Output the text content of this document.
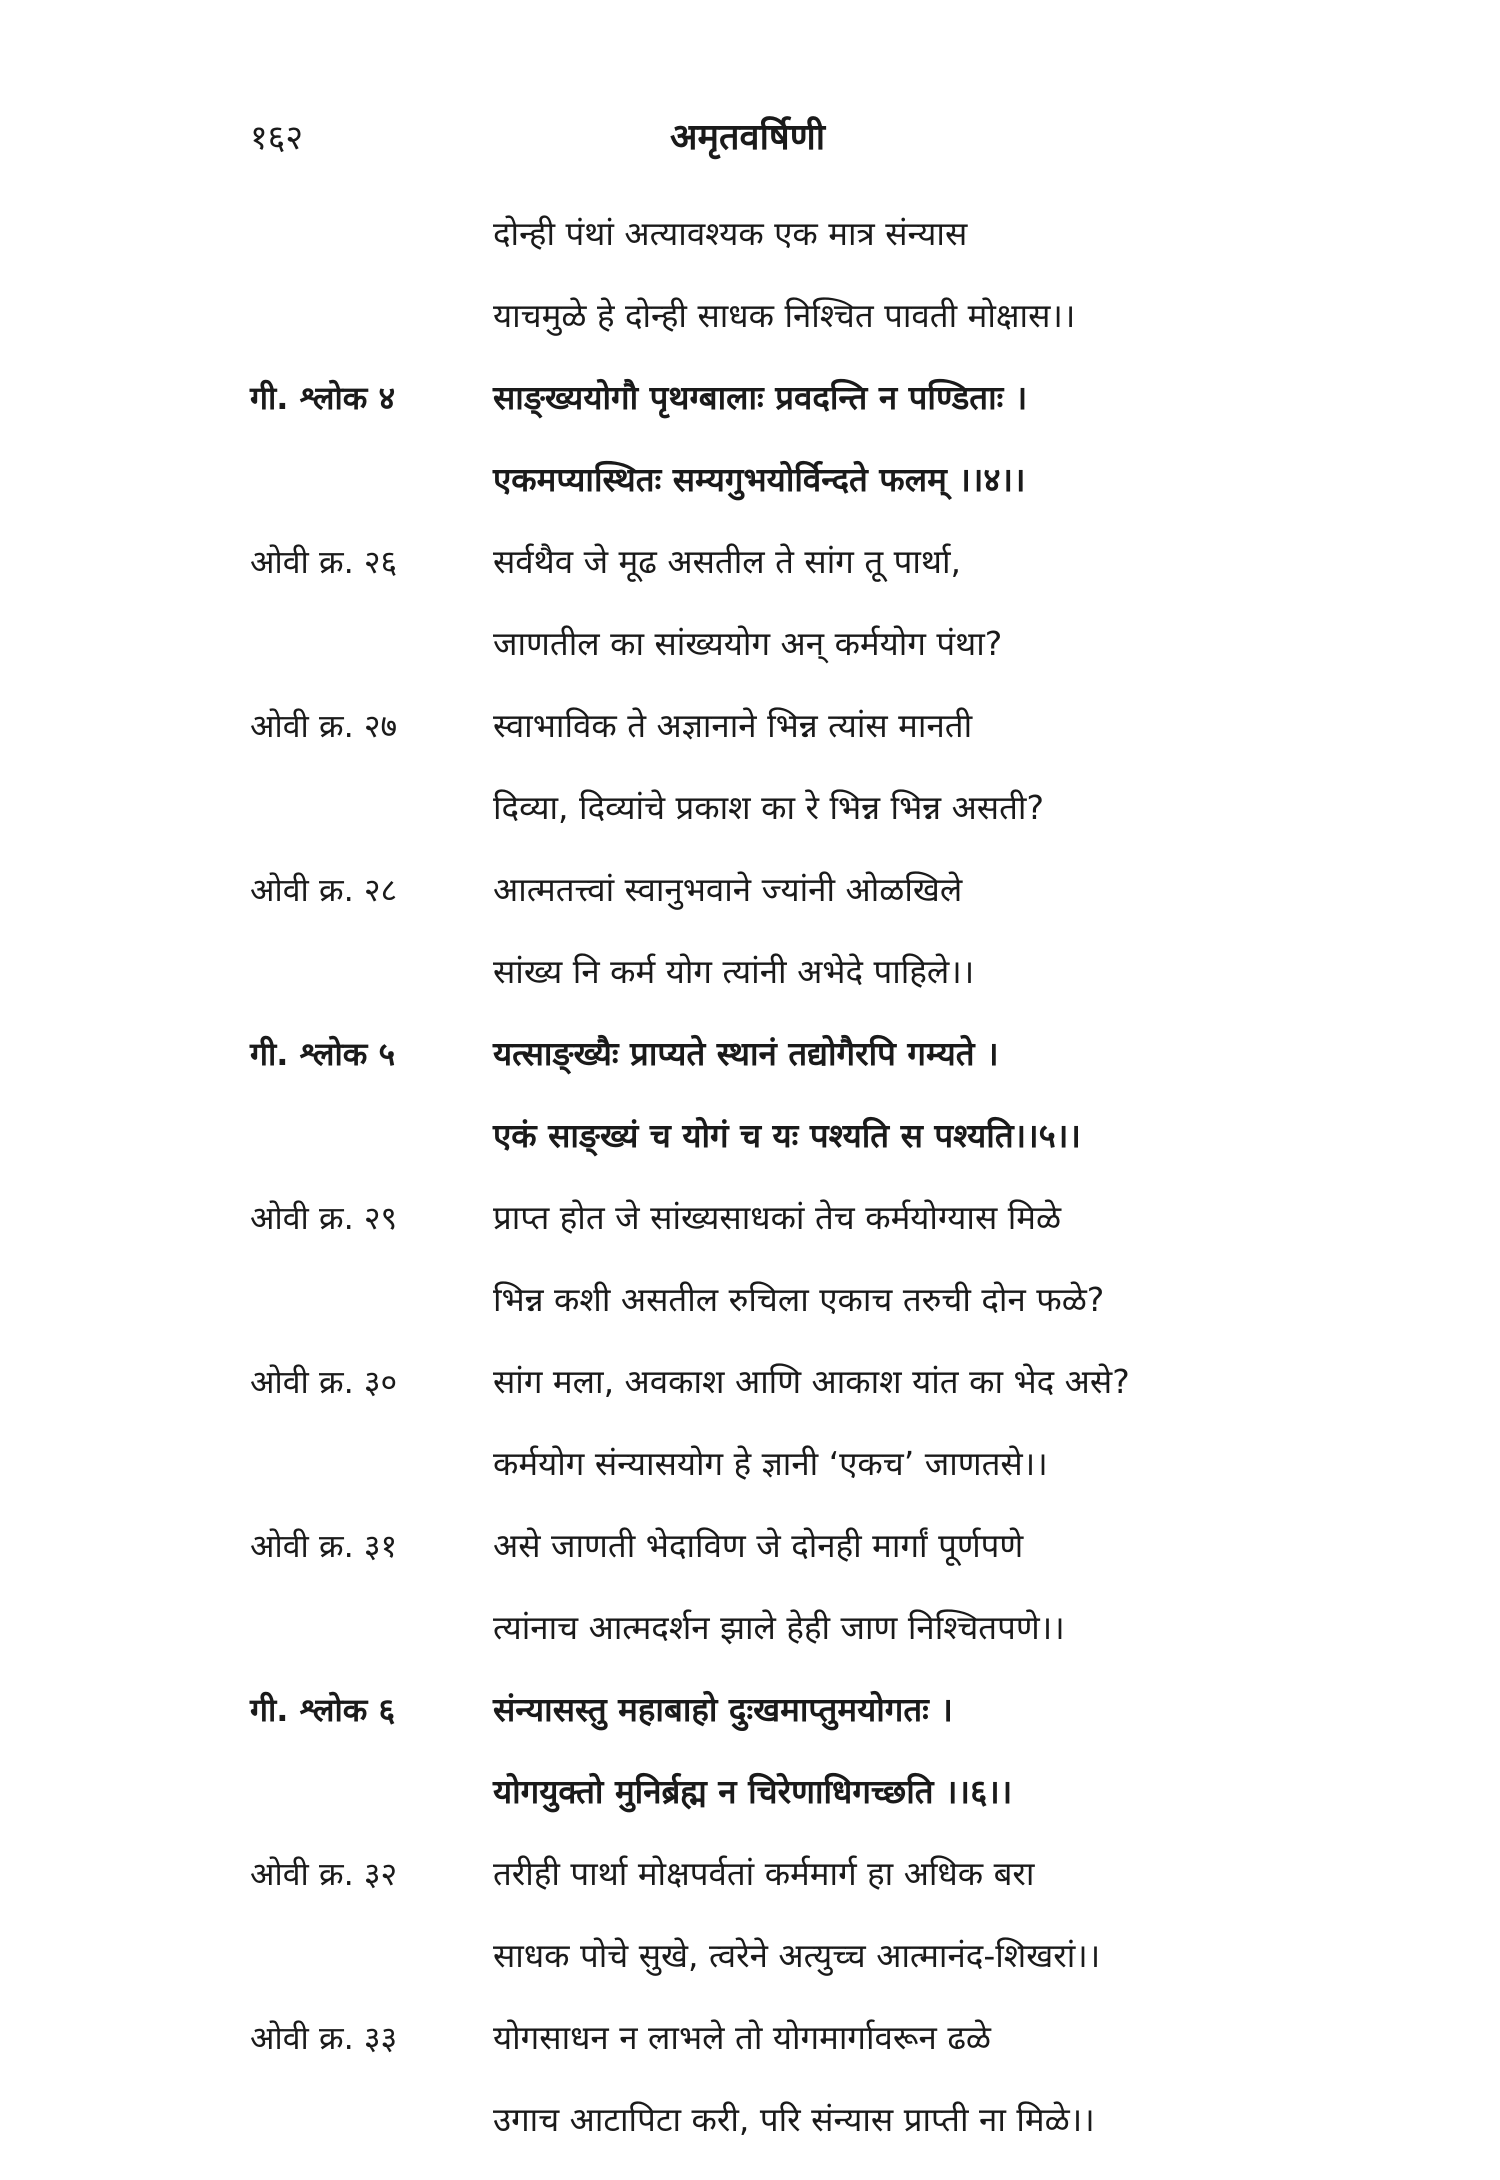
१६२	अमृतवर्षिणी
दोन्ही पंथां अत्यावश्यक एक मात्र संन्यास
याचमुळे हे दोन्ही साधक निश्चित पावती मोक्षास।।
गी. श्लोक ४	साङ्ख्ययोगौ पृथग्बालाः प्रवदन्ति न पण्डिताः ।
एकमप्यास्थितः सम्यगुभयोर्विन्दते फलम् ।।४।।
ओवी क्र. २६	सर्वथैव जे मूढ असतील ते सांग तू पार्था,
जाणतील का सांख्ययोग अन् कर्मयोग पंथा?
ओवी क्र. २७	स्वाभाविक ते अज्ञानाने भिन्न त्यांस मानती
दिव्या, दिव्यांचे प्रकाश का रे भिन्न भिन्न असती?
ओवी क्र. २८	आत्मतत्त्वां स्वानुभवाने ज्यांनी ओळखिले
सांख्य नि कर्म योग त्यांनी अभेदे पाहिले।।
गी. श्लोक ५	यत्साङ्ख्यैः प्राप्यते स्थानं तद्योगैरपि गम्यते ।
एकं साङ्ख्यं च योगं च यः पश्यति स पश्यति।।५।।
ओवी क्र. २९	प्राप्त होत जे सांख्यसाधकां तेच कर्मयोग्यास मिळे
भिन्न कशी असतील रुचिला एकाच तरुची दोन फळे?
ओवी क्र. ३०	सांग मला, अवकाश आणि आकाश यांत का भेद असे?
कर्मयोग संन्यासयोग हे ज्ञानी ‘एकच’ जाणतसे।।
ओवी क्र. ३१	असे जाणती भेदाविण जे दोनही मार्गां पूर्णपणे
त्यांनाच आत्मदर्शन झाले हेही जाण निश्चितपणे।।
गी. श्लोक ६	संन्यासस्तु महाबाहो दुःखमाप्तुमयोगतः ।
योगयुक्तो मुनिर्ब्रह्म न चिरेणाधिगच्छति ।।६।।
ओवी क्र. ३२	तरीही पार्था मोक्षपर्वतां कर्ममार्ग हा अधिक बरा
साधक पोचे सुखे, त्वरेने अत्युच्च आत्मानंद-शिखरां।।
ओवी क्र. ३३	योगसाधन न लाभले तो योगमार्गावरून ढळे
उगाच आटापिटा करी, परि संन्यास प्राप्ती ना मिळे।।
